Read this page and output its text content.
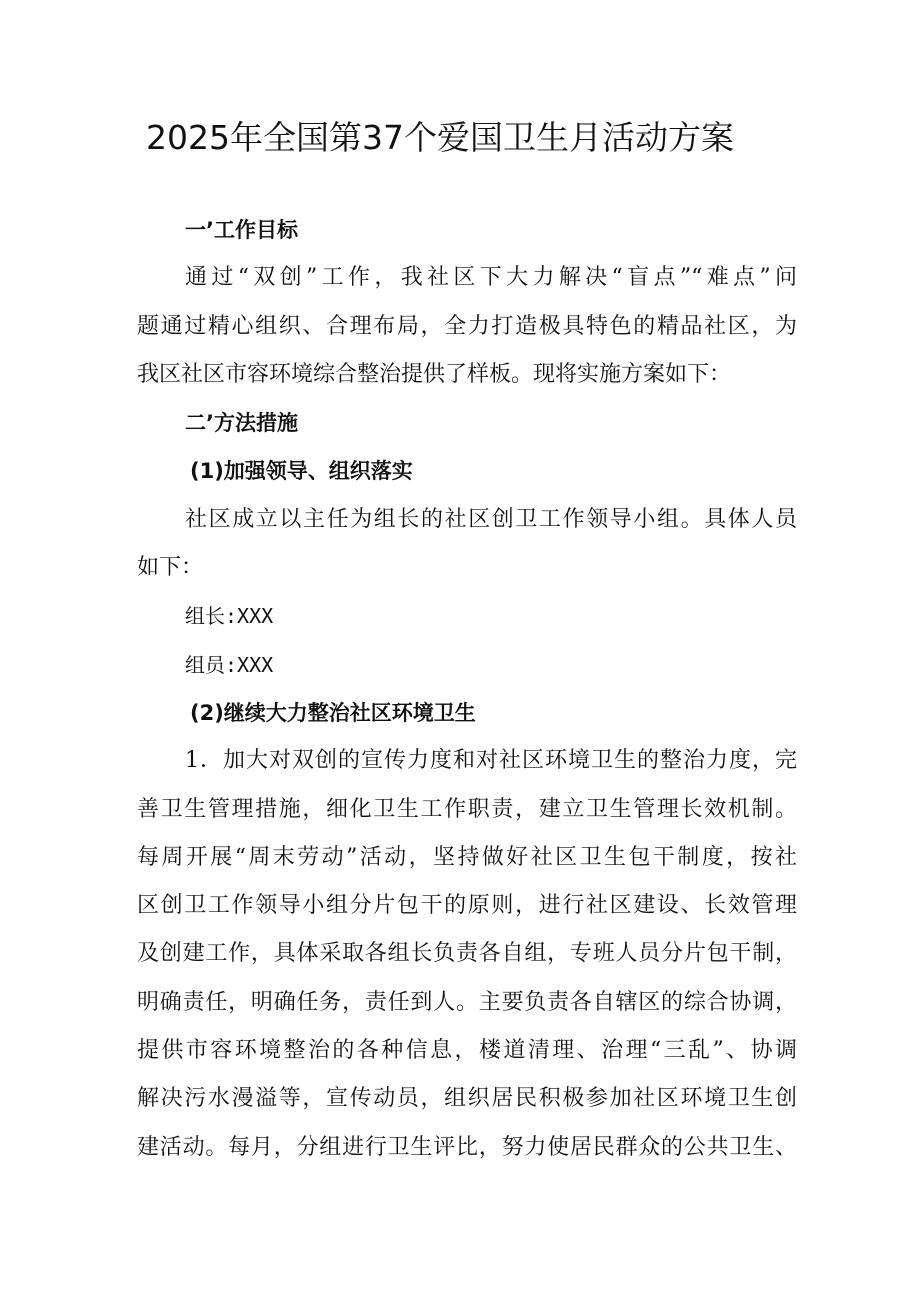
2025年全国第37个爱国卫生月活动方案
一’工作目标
通过“双创”工作，我社区下大力解决“盲点”“难点”问
题通过精心组织、合理布局，全力打造极具特色的精品社区，为
我区社区市容环境综合整治提供了样板。现将实施方案如下：
二’方法措施
(1)加强领导、组织落实
社区成立以主任为组长的社区创卫工作领导小组。具体人员
如下：
组长:XXX
组员:XXX
(2)继续大力整治社区环境卫生
1．加大对双创的宣传力度和对社区环境卫生的整治力度，完
善卫生管理措施，细化卫生工作职责，建立卫生管理长效机制。
每周开展“周末劳动”活动，坚持做好社区卫生包干制度，按社
区创卫工作领导小组分片包干的原则，进行社区建设、长效管理
及创建工作，具体采取各组长负责各自组，专班人员分片包干制，
明确责任，明确任务，责任到人。主要负责各自辖区的综合协调，
提供市容环境整治的各种信息，楼道清理、治理“三乱”、协调
解决污水漫溢等，宣传动员，组织居民积极参加社区环境卫生创
建活动。每月，分组进行卫生评比，努力使居民群众的公共卫生、
